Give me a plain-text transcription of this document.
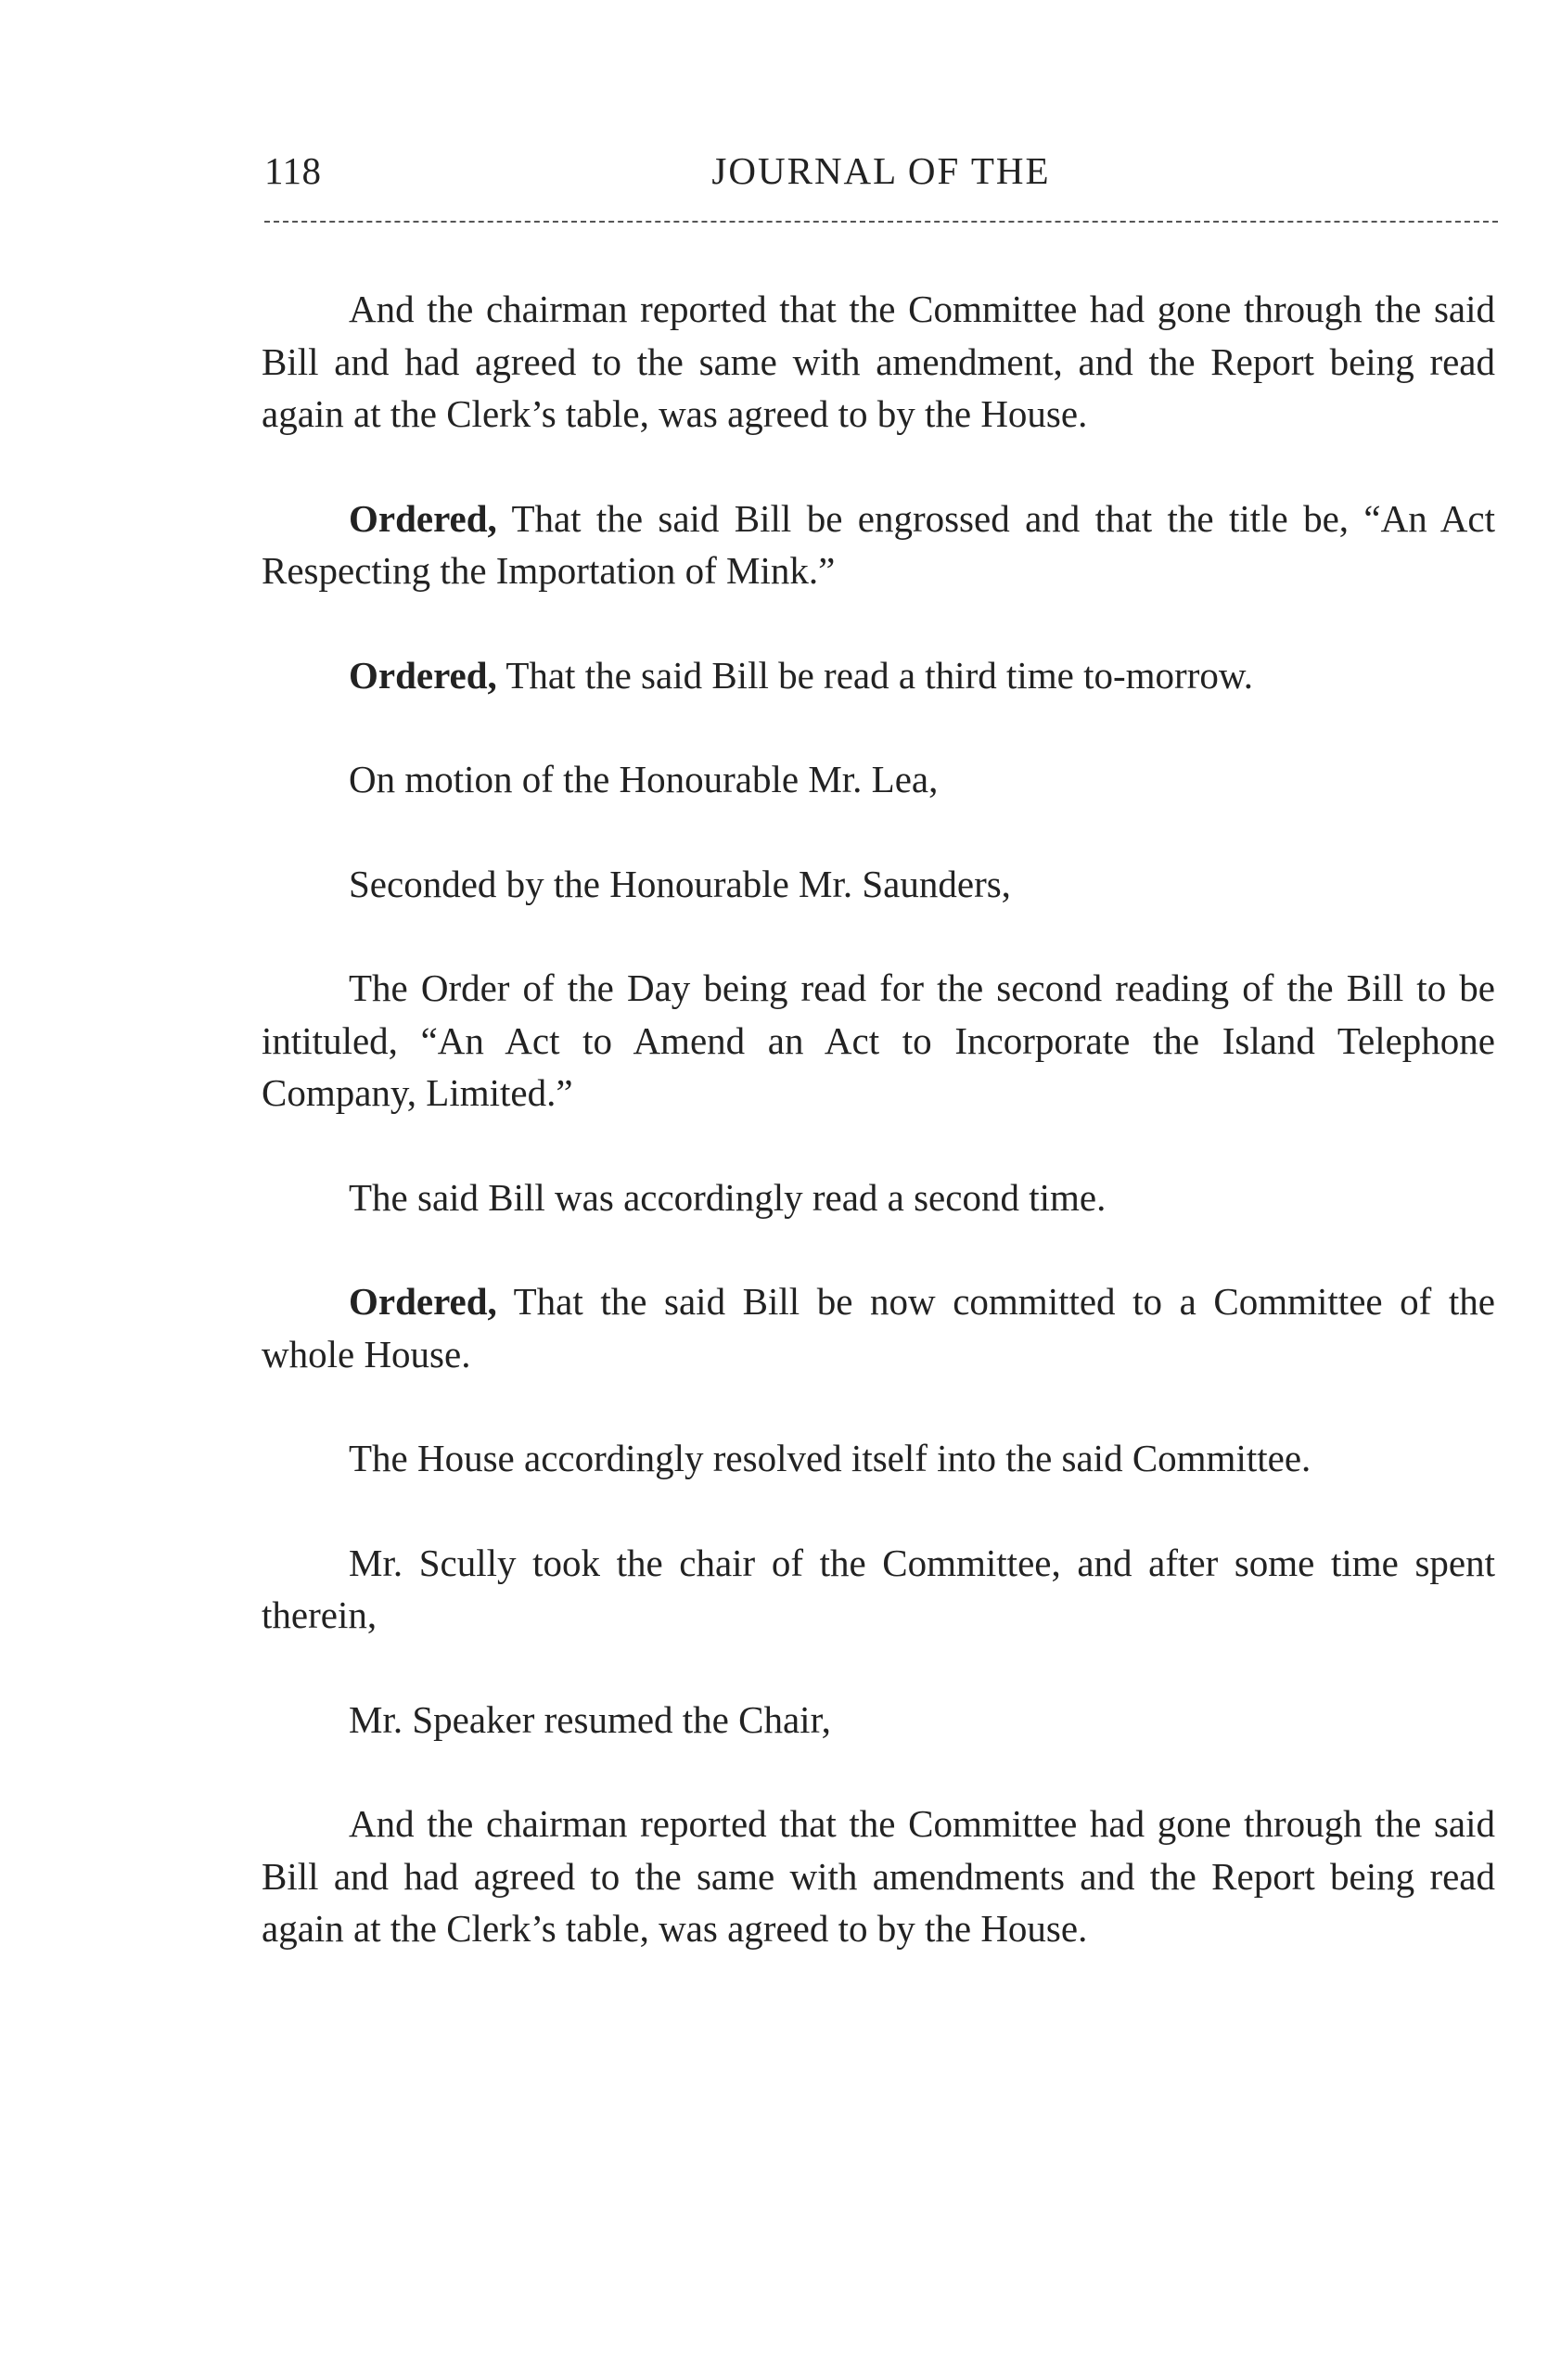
118	JOURNAL OF THE

And the chairman reported that the Committee had gone through the said Bill and had agreed to the same with amendment, and the Report being read again at the Clerk’s table, was agreed to by the House.

Ordered, That the said Bill be engrossed and that the title be, “An Act Respecting the Importation of Mink.”

Ordered, That the said Bill be read a third time to-morrow.

On motion of the Honourable Mr. Lea,

Seconded by the Honourable Mr. Saunders,

The Order of the Day being read for the second reading of the Bill to be intituled, “An Act to Amend an Act to Incorporate the Island Telephone Company, Limited.”

The said Bill was accordingly read a second time.

Ordered, That the said Bill be now committed to a Committee of the whole House.

The House accordingly resolved itself into the said Committee.

Mr. Scully took the chair of the Committee, and after some time spent therein,

Mr. Speaker resumed the Chair,

And the chairman reported that the Committee had gone through the said Bill and had agreed to the same with amendments and the Report being read again at the Clerk’s table, was agreed to by the House.
